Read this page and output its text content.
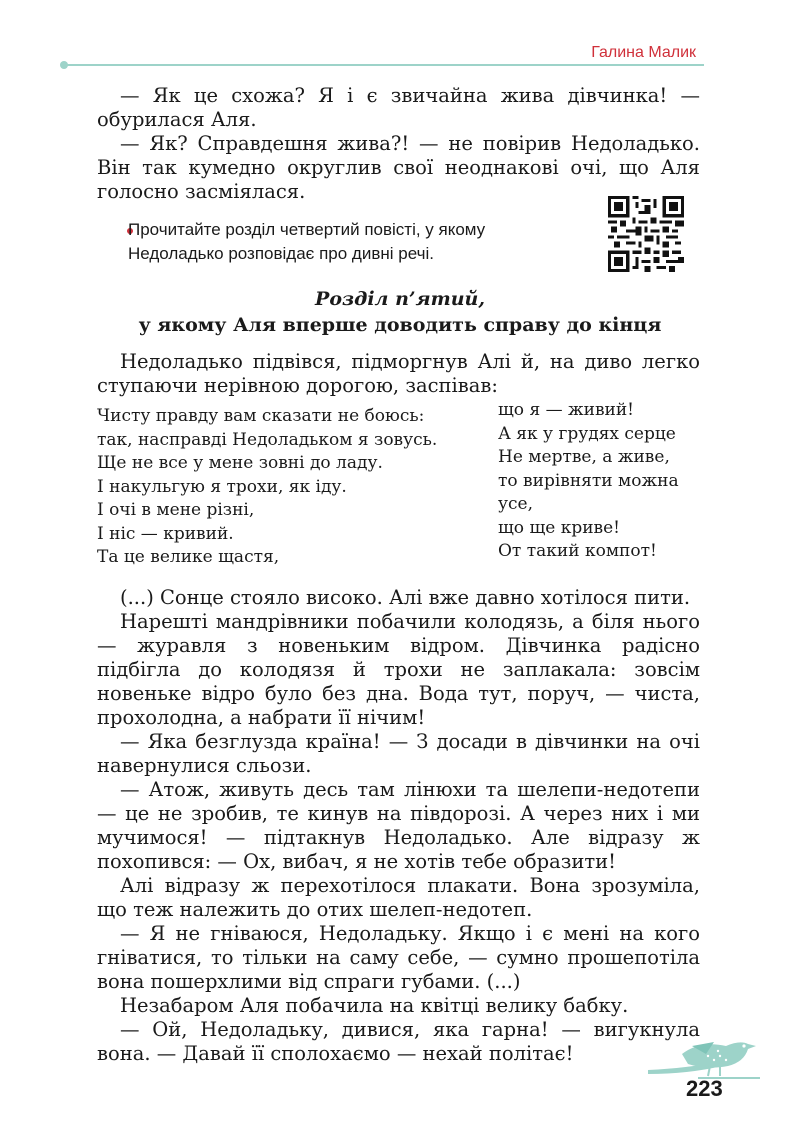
Галина Малик

— Як це схожа? Я і є звичайна жива дівчинка! — обурилася Аля.

— Як? Справдешня жива?! — не повірив Недоладько. Він так кумедно округлив свої неоднакові очі, що Аля голосно засміялася.

Прочитайте розділ четвертий повісті, у якому Недоладько розповідає про дивні речі.
Розділ п’ятий,
у якому Аля вперше доводить справу до кінця

Недоладько підвівся, підморгнув Алі й, на диво легко ступаючи нерівною дорогою, заспівав:

Чисту правду вам сказати не боюсь:
так, насправді Недоладьком я зовусь.
Ще не все у мене зовні до ладу.
І накульгую я трохи, як іду.
І очі в мене різні,
І ніс — кривий.
Та це велике щастя,
що я — живий!
А як у грудях серце
Не мертве, а живе,
то вирівняти можна
усе,
що ще криве!
От такий компот!

(...) Сонце стояло високо. Алі вже давно хотілося пити.

Нарешті мандрівники побачили колодязь, а біля нього — журавля з новеньким відром. Дівчинка радісно підбігла до колодязя й трохи не заплакала: зовсім новеньке відро було без дна. Вода тут, поруч, — чиста, прохолодна, а набрати її нічим!

— Яка безглузда країна! — З досади в дівчинки на очі навернулися сльози.

— Атож, живуть десь там лінюхи та шелепи-недотепи — це не зробив, те кинув на півдорозі. А через них і ми мучимося! — підтакнув Недоладько. Але відразу ж похопився: — Ох, вибач, я не хотів тебе образити!

Алі відразу ж перехотілося плакати. Вона зрозуміла, що теж належить до отих шелеп-недотеп.

— Я не гніваюся, Недоладьку. Якщо і є мені на кого гніватися, то тільки на саму себе, — сумно прошепотіла вона пошерхлими від спраги губами. (...)

Незабаром Аля побачила на квітці велику бабку.

— Ой, Недоладьку, дивися, яка гарна! — вигукнула вона. — Давай її сполохаємо — нехай політає!

223
